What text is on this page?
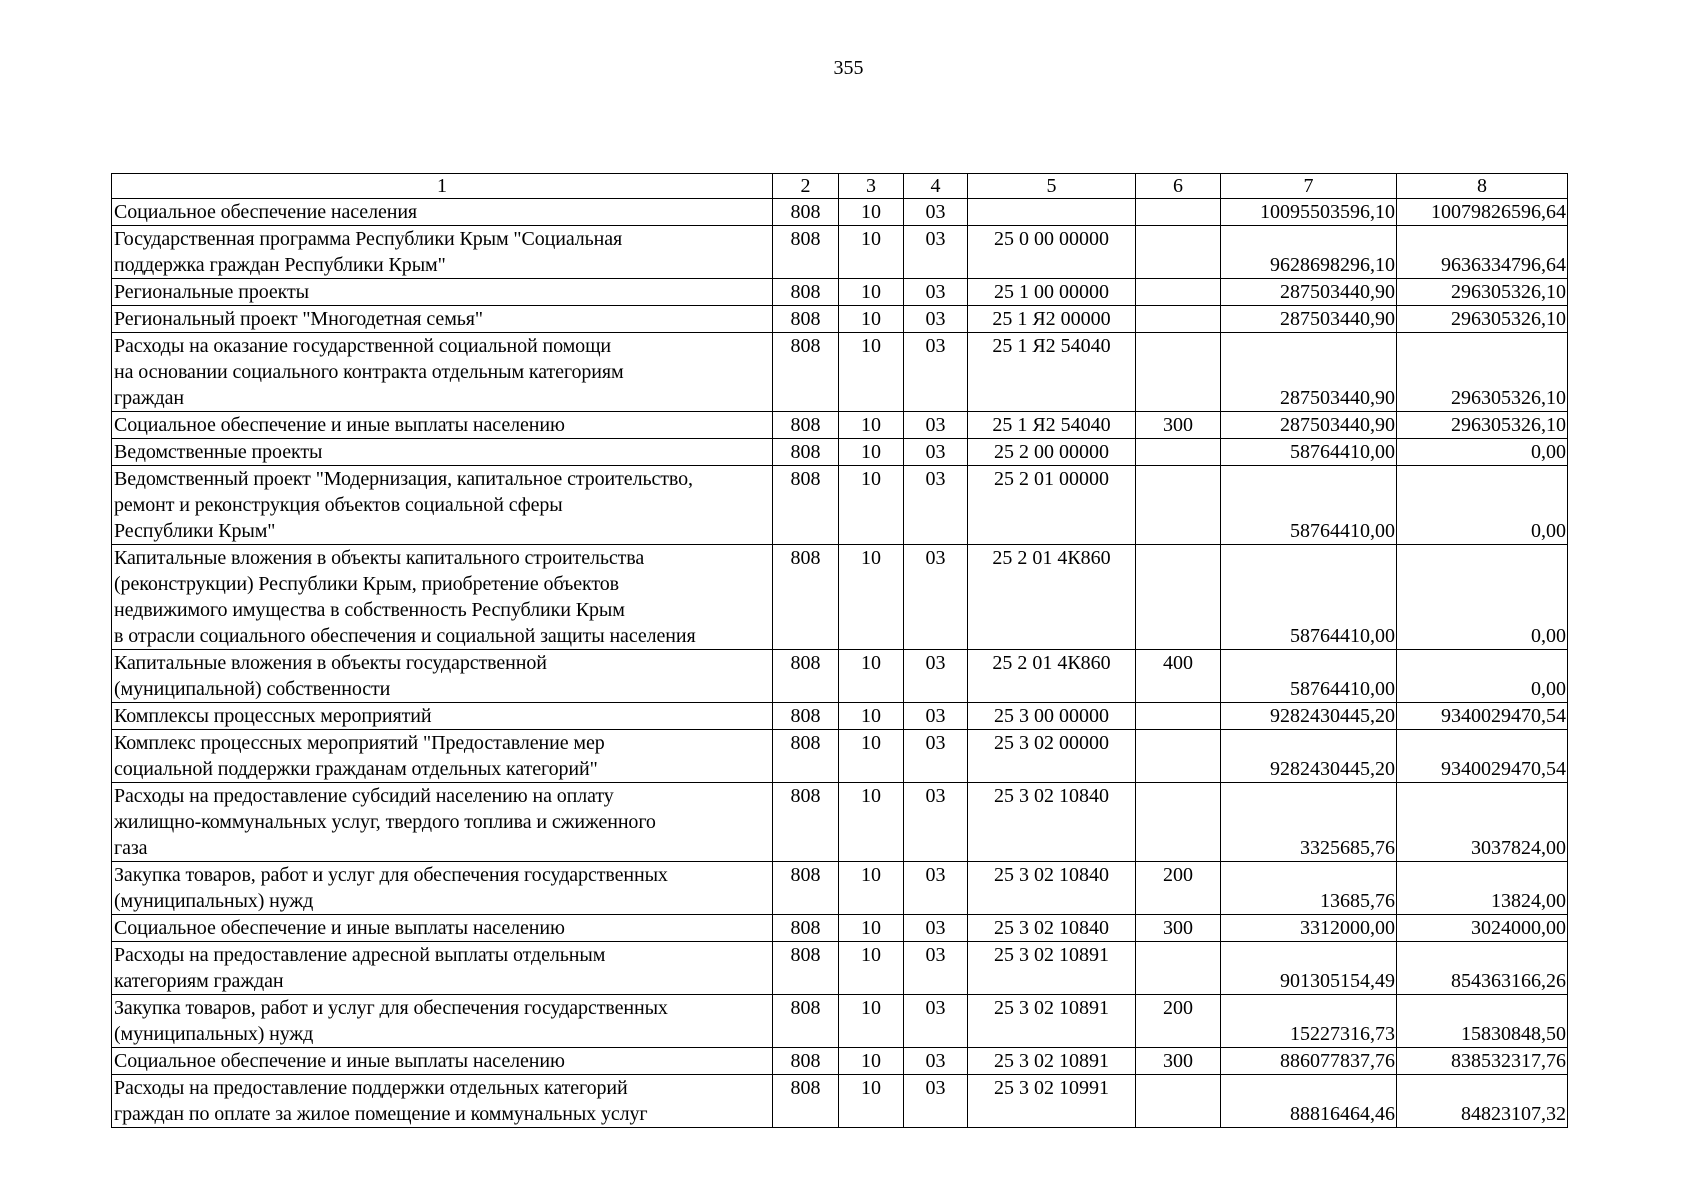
355
1	2	3	4	5	6	7	8

Социальное обеспечение населения	808	10	03			10095503596,10	10079826596,64

Государственная программа Республики Крым "Социальная
поддержка граждан Республики Крым"	808	10	03	25 0 00 00000		9628698296,10	9636334796,64

Региональные проекты	808	10	03	25 1 00 00000		287503440,90	296305326,10

Региональный проект "Многодетная семья"	808	10	03	25 1 Я2 00000		287503440,90	296305326,10

Расходы на оказание государственной социальной помощи
на основании социального контракта отдельным категориям
граждан	808	10	03	25 1 Я2 54040		287503440,90	296305326,10

Социальное обеспечение и иные выплаты населению	808	10	03	25 1 Я2 54040	300	287503440,90	296305326,10

Ведомственные проекты	808	10	03	25 2 00 00000		58764410,00	0,00

Ведомственный проект "Модернизация, капитальное строительство,
ремонт и реконструкция объектов социальной сферы
Республики Крым"	808	10	03	25 2 01 00000		58764410,00	0,00

Капитальные вложения в объекты капитального строительства
(реконструкции) Республики Крым, приобретение объектов
недвижимого имущества в собственность Республики Крым
в отрасли социального обеспечения и социальной защиты населения	808	10	03	25 2 01 4К860		58764410,00	0,00

Капитальные вложения в объекты государственной
(муниципальной) собственности	808	10	03	25 2 01 4К860	400	58764410,00	0,00

Комплексы процессных мероприятий	808	10	03	25 3 00 00000		9282430445,20	9340029470,54

Комплекс процессных мероприятий "Предоставление мер
социальной поддержки гражданам отдельных категорий"	808	10	03	25 3 02 00000		9282430445,20	9340029470,54

Расходы на предоставление субсидий населению на оплату
жилищно-коммунальных услуг, твердого топлива и сжиженного
газа	808	10	03	25 3 02 10840		3325685,76	3037824,00

Закупка товаров, работ и услуг для обеспечения государственных
(муниципальных) нужд	808	10	03	25 3 02 10840	200	13685,76	13824,00

Социальное обеспечение и иные выплаты населению	808	10	03	25 3 02 10840	300	3312000,00	3024000,00

Расходы на предоставление адресной выплаты отдельным
категориям граждан	808	10	03	25 3 02 10891		901305154,49	854363166,26

Закупка товаров, работ и услуг для обеспечения государственных
(муниципальных) нужд	808	10	03	25 3 02 10891	200	15227316,73	15830848,50

Социальное обеспечение и иные выплаты населению	808	10	03	25 3 02 10891	300	886077837,76	838532317,76

Расходы на предоставление поддержки отдельных категорий
граждан по оплате за жилое помещение и коммунальных услуг	808	10	03	25 3 02 10991		88816464,46	84823107,32
